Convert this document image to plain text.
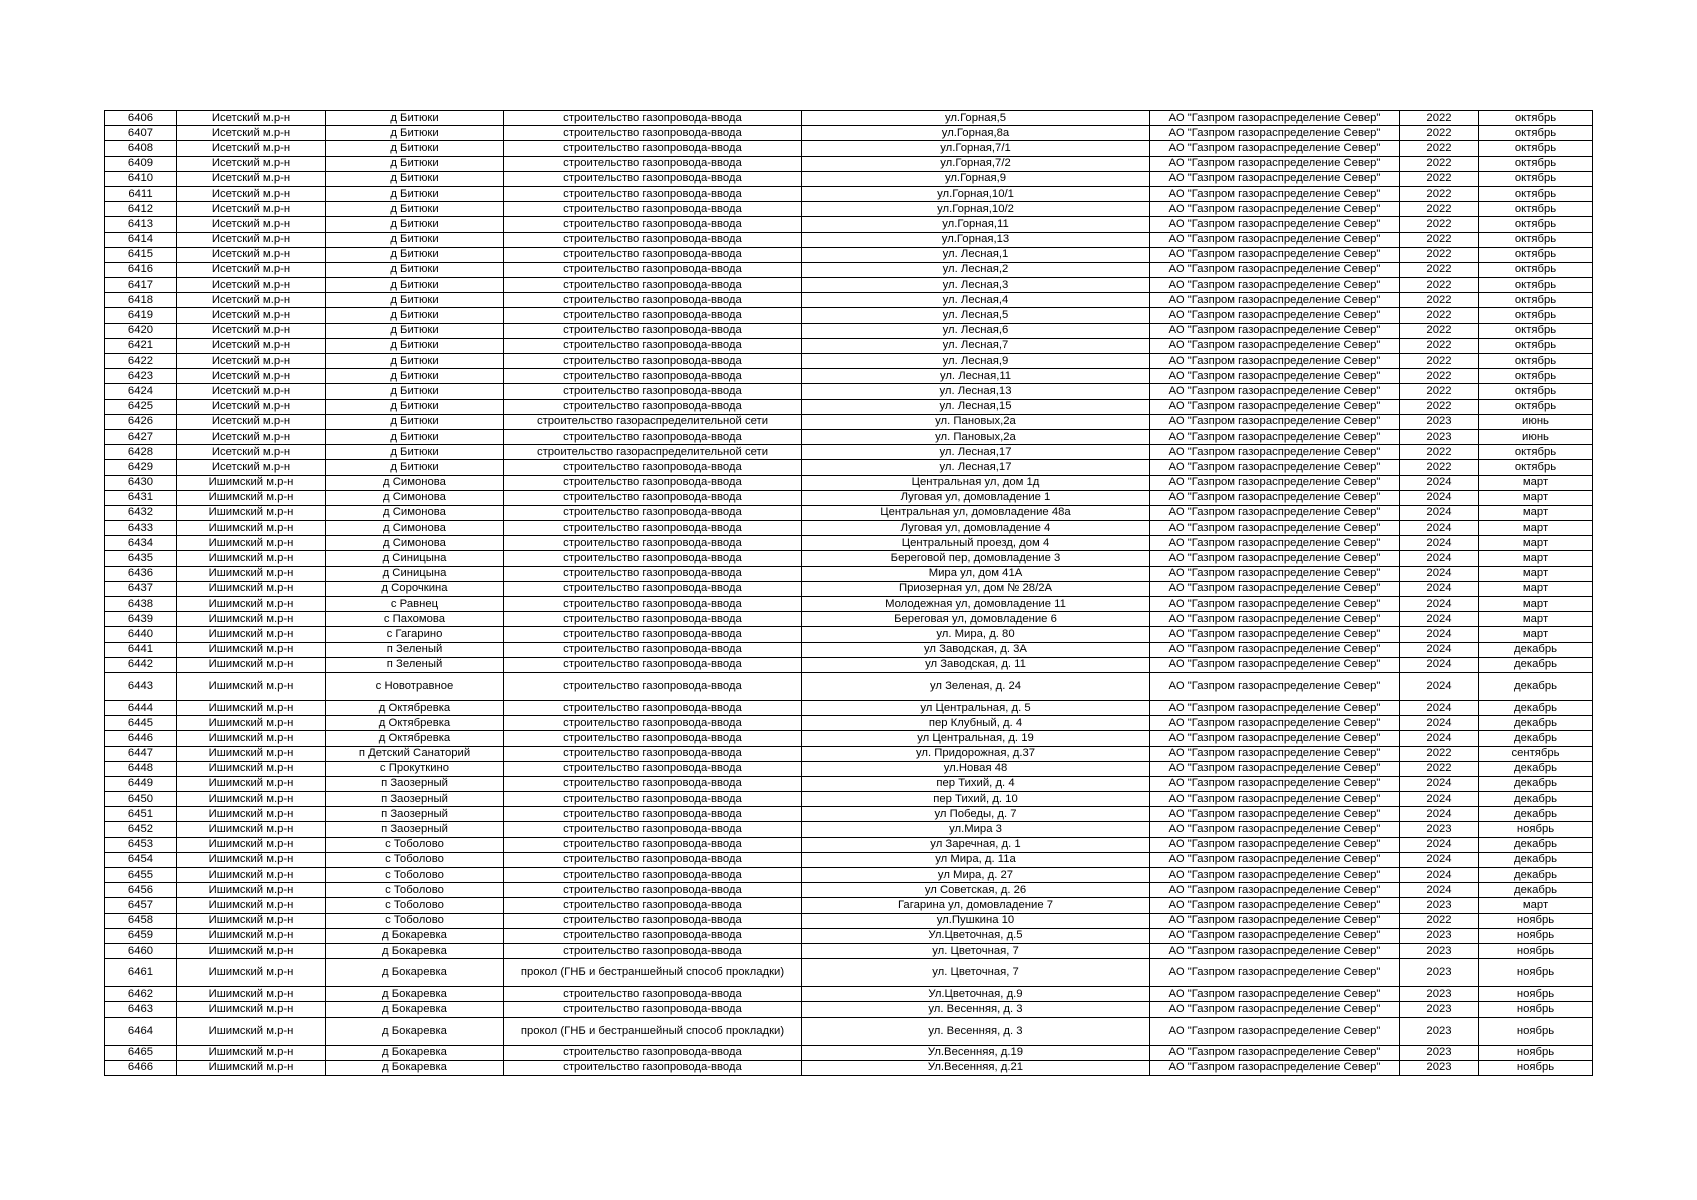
6406	Исетский м.р-н	д Битюки	строительство газопровода-ввода	ул.Горная,5	АО "Газпром газораспределение Север"	2022	октябрь
6407	Исетский м.р-н	д Битюки	строительство газопровода-ввода	ул.Горная,8а	АО "Газпром газораспределение Север"	2022	октябрь
6408	Исетский м.р-н	д Битюки	строительство газопровода-ввода	ул.Горная,7/1	АО "Газпром газораспределение Север"	2022	октябрь
6409	Исетский м.р-н	д Битюки	строительство газопровода-ввода	ул.Горная,7/2	АО "Газпром газораспределение Север"	2022	октябрь
6410	Исетский м.р-н	д Битюки	строительство газопровода-ввода	ул.Горная,9	АО "Газпром газораспределение Север"	2022	октябрь
6411	Исетский м.р-н	д Битюки	строительство газопровода-ввода	ул.Горная,10/1	АО "Газпром газораспределение Север"	2022	октябрь
6412	Исетский м.р-н	д Битюки	строительство газопровода-ввода	ул.Горная,10/2	АО "Газпром газораспределение Север"	2022	октябрь
6413	Исетский м.р-н	д Битюки	строительство газопровода-ввода	ул.Горная,11	АО "Газпром газораспределение Север"	2022	октябрь
6414	Исетский м.р-н	д Битюки	строительство газопровода-ввода	ул.Горная,13	АО "Газпром газораспределение Север"	2022	октябрь
6415	Исетский м.р-н	д Битюки	строительство газопровода-ввода	ул. Лесная,1	АО "Газпром газораспределение Север"	2022	октябрь
6416	Исетский м.р-н	д Битюки	строительство газопровода-ввода	ул. Лесная,2	АО "Газпром газораспределение Север"	2022	октябрь
6417	Исетский м.р-н	д Битюки	строительство газопровода-ввода	ул. Лесная,3	АО "Газпром газораспределение Север"	2022	октябрь
6418	Исетский м.р-н	д Битюки	строительство газопровода-ввода	ул. Лесная,4	АО "Газпром газораспределение Север"	2022	октябрь
6419	Исетский м.р-н	д Битюки	строительство газопровода-ввода	ул. Лесная,5	АО "Газпром газораспределение Север"	2022	октябрь
6420	Исетский м.р-н	д Битюки	строительство газопровода-ввода	ул. Лесная,6	АО "Газпром газораспределение Север"	2022	октябрь
6421	Исетский м.р-н	д Битюки	строительство газопровода-ввода	ул. Лесная,7	АО "Газпром газораспределение Север"	2022	октябрь
6422	Исетский м.р-н	д Битюки	строительство газопровода-ввода	ул. Лесная,9	АО "Газпром газораспределение Север"	2022	октябрь
6423	Исетский м.р-н	д Битюки	строительство газопровода-ввода	ул. Лесная,11	АО "Газпром газораспределение Север"	2022	октябрь
6424	Исетский м.р-н	д Битюки	строительство газопровода-ввода	ул. Лесная,13	АО "Газпром газораспределение Север"	2022	октябрь
6425	Исетский м.р-н	д Битюки	строительство газопровода-ввода	ул. Лесная,15	АО "Газпром газораспределение Север"	2022	октябрь
6426	Исетский м.р-н	д Битюки	строительство газораспределительной сети	ул. Пановых,2а	АО "Газпром газораспределение Север"	2023	июнь
6427	Исетский м.р-н	д Битюки	строительство газопровода-ввода	ул. Пановых,2а	АО "Газпром газораспределение Север"	2023	июнь
6428	Исетский м.р-н	д Битюки	строительство газораспределительной сети	ул. Лесная,17	АО "Газпром газораспределение Север"	2022	октябрь
6429	Исетский м.р-н	д Битюки	строительство газопровода-ввода	ул. Лесная,17	АО "Газпром газораспределение Север"	2022	октябрь
6430	Ишимский м.р-н	д Симонова	строительство газопровода-ввода	Центральная ул, дом 1д	АО "Газпром газораспределение Север"	2024	март
6431	Ишимский м.р-н	д Симонова	строительство газопровода-ввода	Луговая ул, домовладение 1	АО "Газпром газораспределение Север"	2024	март
6432	Ишимский м.р-н	д Симонова	строительство газопровода-ввода	Центральная ул, домовладение 48а	АО "Газпром газораспределение Север"	2024	март
6433	Ишимский м.р-н	д Симонова	строительство газопровода-ввода	Луговая ул, домовладение 4	АО "Газпром газораспределение Север"	2024	март
6434	Ишимский м.р-н	д Симонова	строительство газопровода-ввода	Центральный проезд, дом 4	АО "Газпром газораспределение Север"	2024	март
6435	Ишимский м.р-н	д Синицына	строительство газопровода-ввода	Береговой пер, домовладение 3	АО "Газпром газораспределение Север"	2024	март
6436	Ишимский м.р-н	д Синицына	строительство газопровода-ввода	Мира ул, дом 41А	АО "Газпром газораспределение Север"	2024	март
6437	Ишимский м.р-н	д Сорочкина	строительство газопровода-ввода	Приозерная ул, дом № 28/2А	АО "Газпром газораспределение Север"	2024	март
6438	Ишимский м.р-н	с Равнец	строительство газопровода-ввода	Молодежная ул, домовладение 11	АО "Газпром газораспределение Север"	2024	март
6439	Ишимский м.р-н	с Пахомова	строительство газопровода-ввода	Береговая ул, домовладение 6	АО "Газпром газораспределение Север"	2024	март
6440	Ишимский м.р-н	с Гагарино	строительство газопровода-ввода	ул. Мира, д. 80	АО "Газпром газораспределение Север"	2024	март
6441	Ишимский м.р-н	п Зеленый	строительство газопровода-ввода	ул Заводская, д. 3А	АО "Газпром газораспределение Север"	2024	декабрь
6442	Ишимский м.р-н	п Зеленый	строительство газопровода-ввода	ул Заводская, д. 11	АО "Газпром газораспределение Север"	2024	декабрь
6443	Ишимский м.р-н	с Новотравное	строительство газопровода-ввода	ул Зеленая, д. 24	АО "Газпром газораспределение Север"	2024	декабрь
6444	Ишимский м.р-н	д Октябревка	строительство газопровода-ввода	ул Центральная, д. 5	АО "Газпром газораспределение Север"	2024	декабрь
6445	Ишимский м.р-н	д Октябревка	строительство газопровода-ввода	пер Клубный, д. 4	АО "Газпром газораспределение Север"	2024	декабрь
6446	Ишимский м.р-н	д Октябревка	строительство газопровода-ввода	ул Центральная, д. 19	АО "Газпром газораспределение Север"	2024	декабрь
6447	Ишимский м.р-н	п Детский Санаторий	строительство газопровода-ввода	ул. Придорожная, д.37	АО "Газпром газораспределение Север"	2022	сентябрь
6448	Ишимский м.р-н	с Прокуткино	строительство газопровода-ввода	ул.Новая 48	АО "Газпром газораспределение Север"	2022	декабрь
6449	Ишимский м.р-н	п Заозерный	строительство газопровода-ввода	пер Тихий, д. 4	АО "Газпром газораспределение Север"	2024	декабрь
6450	Ишимский м.р-н	п Заозерный	строительство газопровода-ввода	пер Тихий, д. 10	АО "Газпром газораспределение Север"	2024	декабрь
6451	Ишимский м.р-н	п Заозерный	строительство газопровода-ввода	ул Победы, д. 7	АО "Газпром газораспределение Север"	2024	декабрь
6452	Ишимский м.р-н	п Заозерный	строительство газопровода-ввода	ул.Мира 3	АО "Газпром газораспределение Север"	2023	ноябрь
6453	Ишимский м.р-н	с Тоболово	строительство газопровода-ввода	ул Заречная, д. 1	АО "Газпром газораспределение Север"	2024	декабрь
6454	Ишимский м.р-н	с Тоболово	строительство газопровода-ввода	ул Мира, д. 11а	АО "Газпром газораспределение Север"	2024	декабрь
6455	Ишимский м.р-н	с Тоболово	строительство газопровода-ввода	ул Мира, д. 27	АО "Газпром газораспределение Север"	2024	декабрь
6456	Ишимский м.р-н	с Тоболово	строительство газопровода-ввода	ул Советская, д. 26	АО "Газпром газораспределение Север"	2024	декабрь
6457	Ишимский м.р-н	с Тоболово	строительство газопровода-ввода	Гагарина ул, домовладение 7	АО "Газпром газораспределение Север"	2023	март
6458	Ишимский м.р-н	с Тоболово	строительство газопровода-ввода	ул.Пушкина 10	АО "Газпром газораспределение Север"	2022	ноябрь
6459	Ишимский м.р-н	д Бокаревка	строительство газопровода-ввода	Ул.Цветочная, д.5	АО "Газпром газораспределение Север"	2023	ноябрь
6460	Ишимский м.р-н	д Бокаревка	строительство газопровода-ввода	ул. Цветочная, 7	АО "Газпром газораспределение Север"	2023	ноябрь
6461	Ишимский м.р-н	д Бокаревка	прокол (ГНБ и бестраншейный способ прокладки)	ул. Цветочная, 7	АО "Газпром газораспределение Север"	2023	ноябрь
6462	Ишимский м.р-н	д Бокаревка	строительство газопровода-ввода	Ул.Цветочная, д.9	АО "Газпром газораспределение Север"	2023	ноябрь
6463	Ишимский м.р-н	д Бокаревка	строительство газопровода-ввода	ул. Весенняя, д. 3	АО "Газпром газораспределение Север"	2023	ноябрь
6464	Ишимский м.р-н	д Бокаревка	прокол (ГНБ и бестраншейный способ прокладки)	ул. Весенняя, д. 3	АО "Газпром газораспределение Север"	2023	ноябрь
6465	Ишимский м.р-н	д Бокаревка	строительство газопровода-ввода	Ул.Весенняя, д.19	АО "Газпром газораспределение Север"	2023	ноябрь
6466	Ишимский м.р-н	д Бокаревка	строительство газопровода-ввода	Ул.Весенняя, д.21	АО "Газпром газораспределение Север"	2023	ноябрь
